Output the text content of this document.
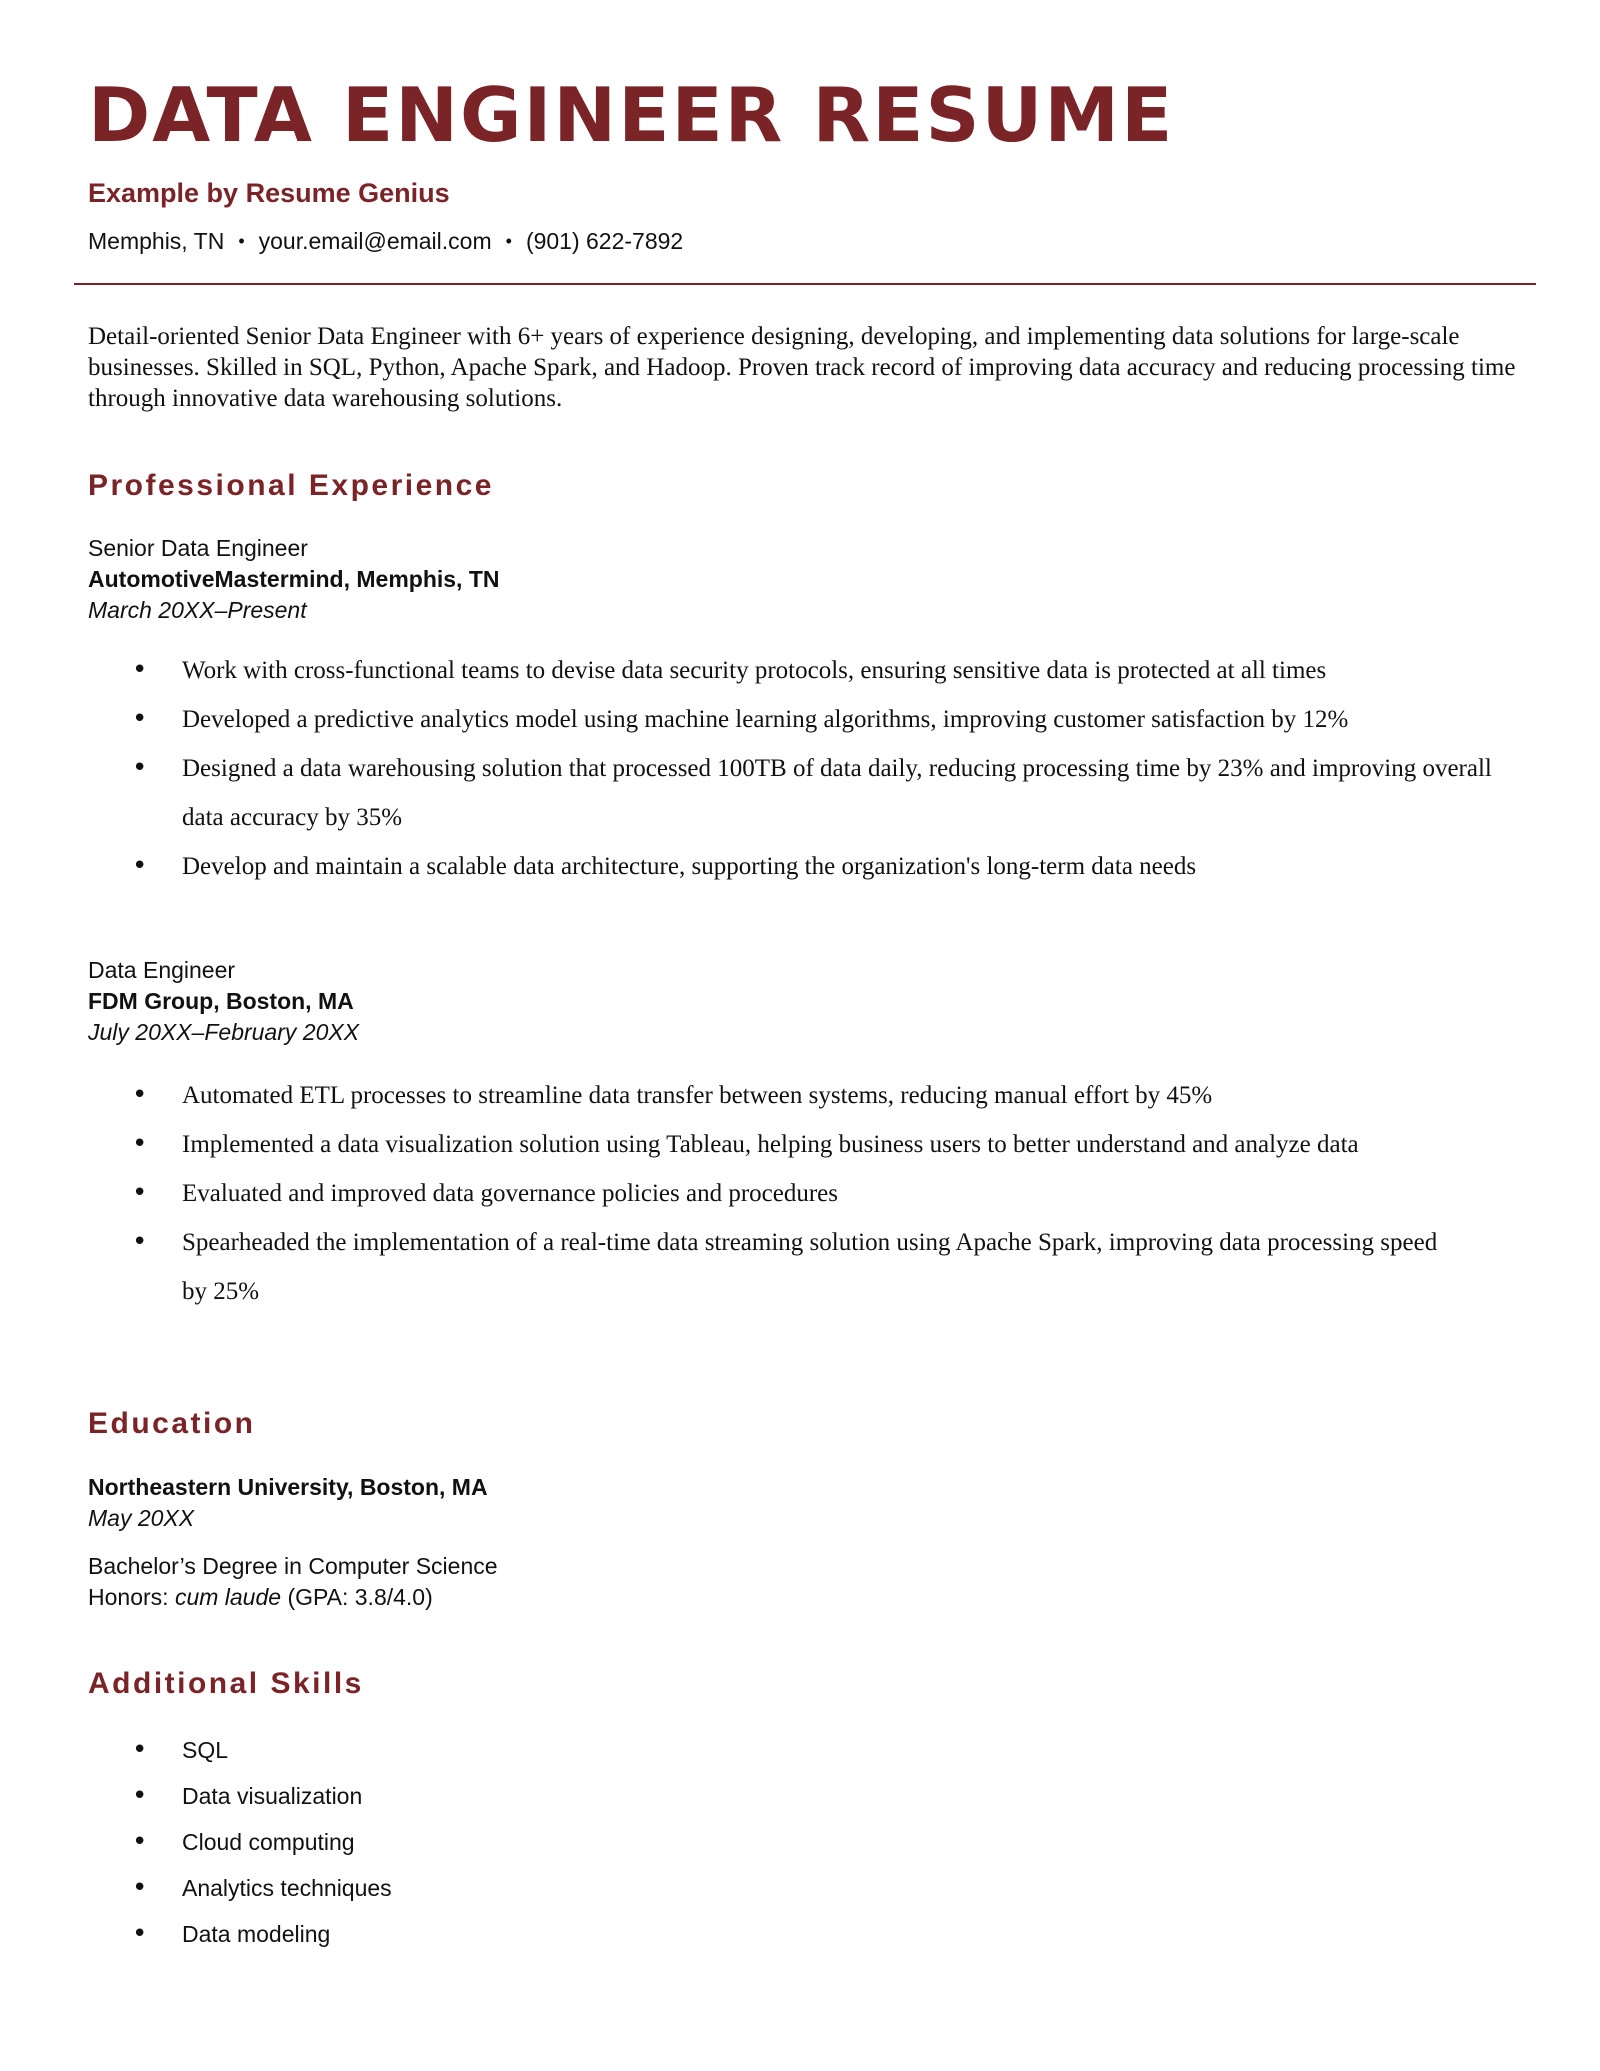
DATA ENGINEER RESUME
Example by Resume Genius
Memphis, TN • your.email@email.com • (901) 622-7892

Detail-oriented Senior Data Engineer with 6+ years of experience designing, developing, and implementing data solutions for large-scale businesses. Skilled in SQL, Python, Apache Spark, and Hadoop. Proven track record of improving data accuracy and reducing processing time through innovative data warehousing solutions.

Professional Experience
Senior Data Engineer
AutomotiveMastermind, Memphis, TN
March 20XX–Present
• Work with cross-functional teams to devise data security protocols, ensuring sensitive data is protected at all times
• Developed a predictive analytics model using machine learning algorithms, improving customer satisfaction by 12%
• Designed a data warehousing solution that processed 100TB of data daily, reducing processing time by 23% and improving overall data accuracy by 35%
• Develop and maintain a scalable data architecture, supporting the organization's long-term data needs
Data Engineer
FDM Group, Boston, MA
July 20XX–February 20XX
• Automated ETL processes to streamline data transfer between systems, reducing manual effort by 45%
• Implemented a data visualization solution using Tableau, helping business users to better understand and analyze data
• Evaluated and improved data governance policies and procedures
• Spearheaded the implementation of a real-time data streaming solution using Apache Spark, improving data processing speed by 25%
Education
Northeastern University, Boston, MA
May 20XX
Bachelor’s Degree in Computer Science
Honors: cum laude (GPA: 3.8/4.0)
Additional Skills
• SQL
• Data visualization
• Cloud computing
• Analytics techniques
• Data modeling
